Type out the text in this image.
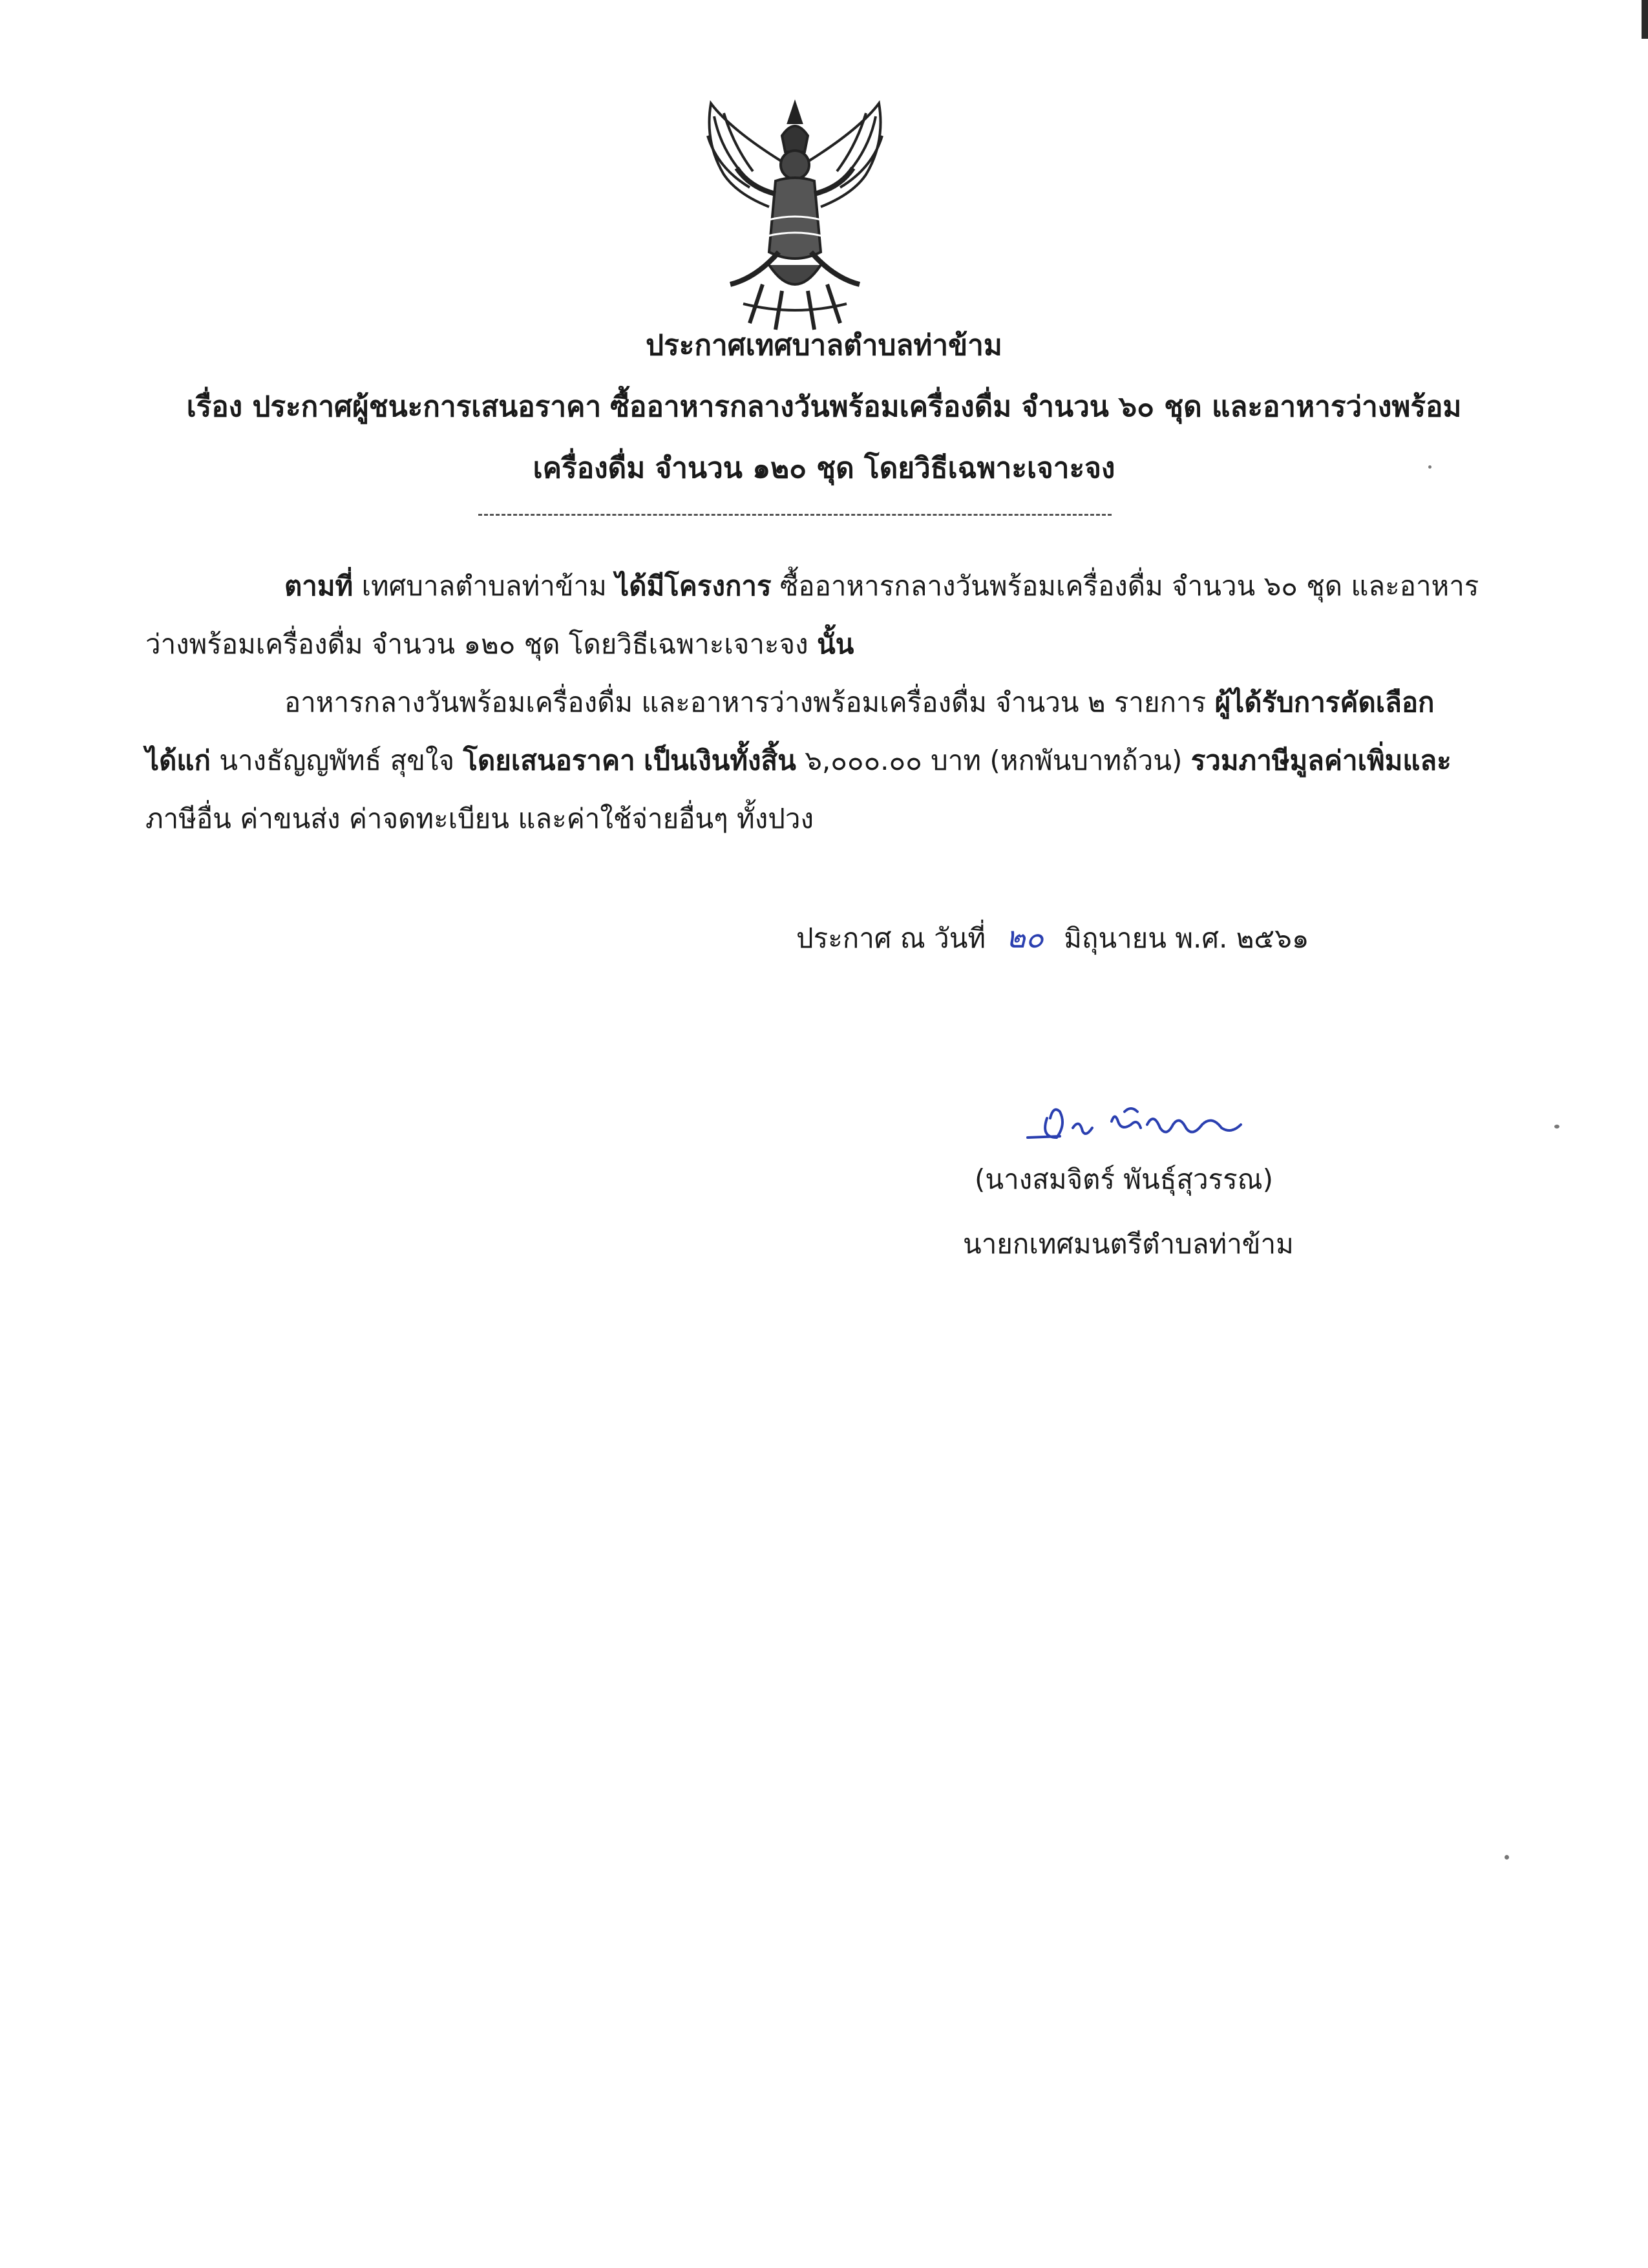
ประกาศเทศบาลตำบลท่าข้าม
เรื่อง ประกาศผู้ชนะการเสนอราคา ซื้ออาหารกลางวันพร้อมเครื่องดื่ม จำนวน ๖๐ ชุด และอาหารว่างพร้อม
เครื่องดื่ม จำนวน ๑๒๐ ชุด โดยวิธีเฉพาะเจาะจง
ตามที่ เทศบาลตำบลท่าข้าม ได้มีโครงการ ซื้ออาหารกลางวันพร้อมเครื่องดื่ม จำนวน ๖๐ ชุด และอาหาร
ว่างพร้อมเครื่องดื่ม จำนวน ๑๒๐ ชุด โดยวิธีเฉพาะเจาะจง นั้น
อาหารกลางวันพร้อมเครื่องดื่ม และอาหารว่างพร้อมเครื่องดื่ม จำนวน ๒ รายการ ผู้ได้รับการคัดเลือก
ได้แก่ นางธัญญพัทธ์ สุขใจ โดยเสนอราคา เป็นเงินทั้งสิ้น ๖,๐๐๐.๐๐ บาท (หกพันบาทถ้วน) รวมภาษีมูลค่าเพิ่มและ
ภาษีอื่น ค่าขนส่ง ค่าจดทะเบียน และค่าใช้จ่ายอื่นๆ ทั้งปวง
ประกาศ ณ วันที่ ๒๐ มิถุนายน พ.ศ. ๒๕๖๑
(นางสมจิตร์ พันธุ์สุวรรณ)
นายกเทศมนตรีตำบลท่าข้าม
